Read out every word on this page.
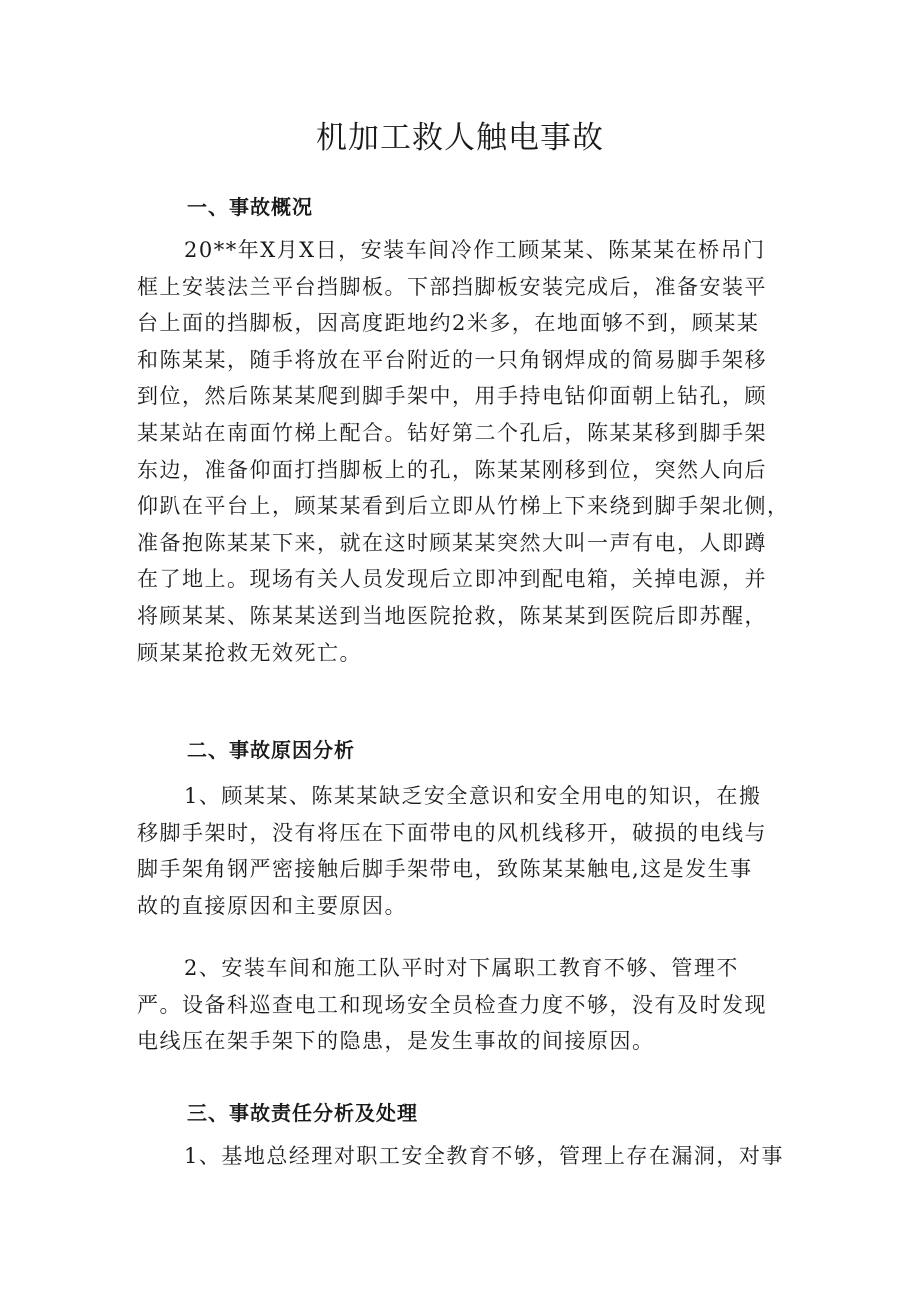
机加工救人触电事故
一、事故概况
20**年Ⅹ月Ⅹ日，安装车间冷作工顾某某、陈某某在桥吊门
框上安装法兰平台挡脚板。下部挡脚板安装完成后，准备安装平
台上面的挡脚板，因高度距地约2米多，在地面够不到，顾某某
和陈某某，随手将放在平台附近的一只角钢焊成的简易脚手架移
到位，然后陈某某爬到脚手架中，用手持电钻仰面朝上钻孔，顾
某某站在南面竹梯上配合。钻好第二个孔后，陈某某移到脚手架
东边，准备仰面打挡脚板上的孔，陈某某刚移到位，突然人向后
仰趴在平台上，顾某某看到后立即从竹梯上下来绕到脚手架北侧，
准备抱陈某某下来，就在这时顾某某突然大叫一声有电，人即蹲
在了地上。现场有关人员发现后立即冲到配电箱，关掉电源，并
将顾某某、陈某某送到当地医院抢救，陈某某到医院后即苏醒，
顾某某抢救无效死亡。
二、事故原因分析
1、顾某某、陈某某缺乏安全意识和安全用电的知识，在搬
移脚手架时，没有将压在下面带电的风机线移开，破损的电线与
脚手架角钢严密接触后脚手架带电，致陈某某触电,这是发生事
故的直接原因和主要原因。
2、安装车间和施工队平时对下属职工教育不够、管理不
严。设备科巡查电工和现场安全员检查力度不够，没有及时发现
电线压在架手架下的隐患，是发生事故的间接原因。
三、事故责任分析及处理
1、基地总经理对职工安全教育不够，管理上存在漏洞，对事
